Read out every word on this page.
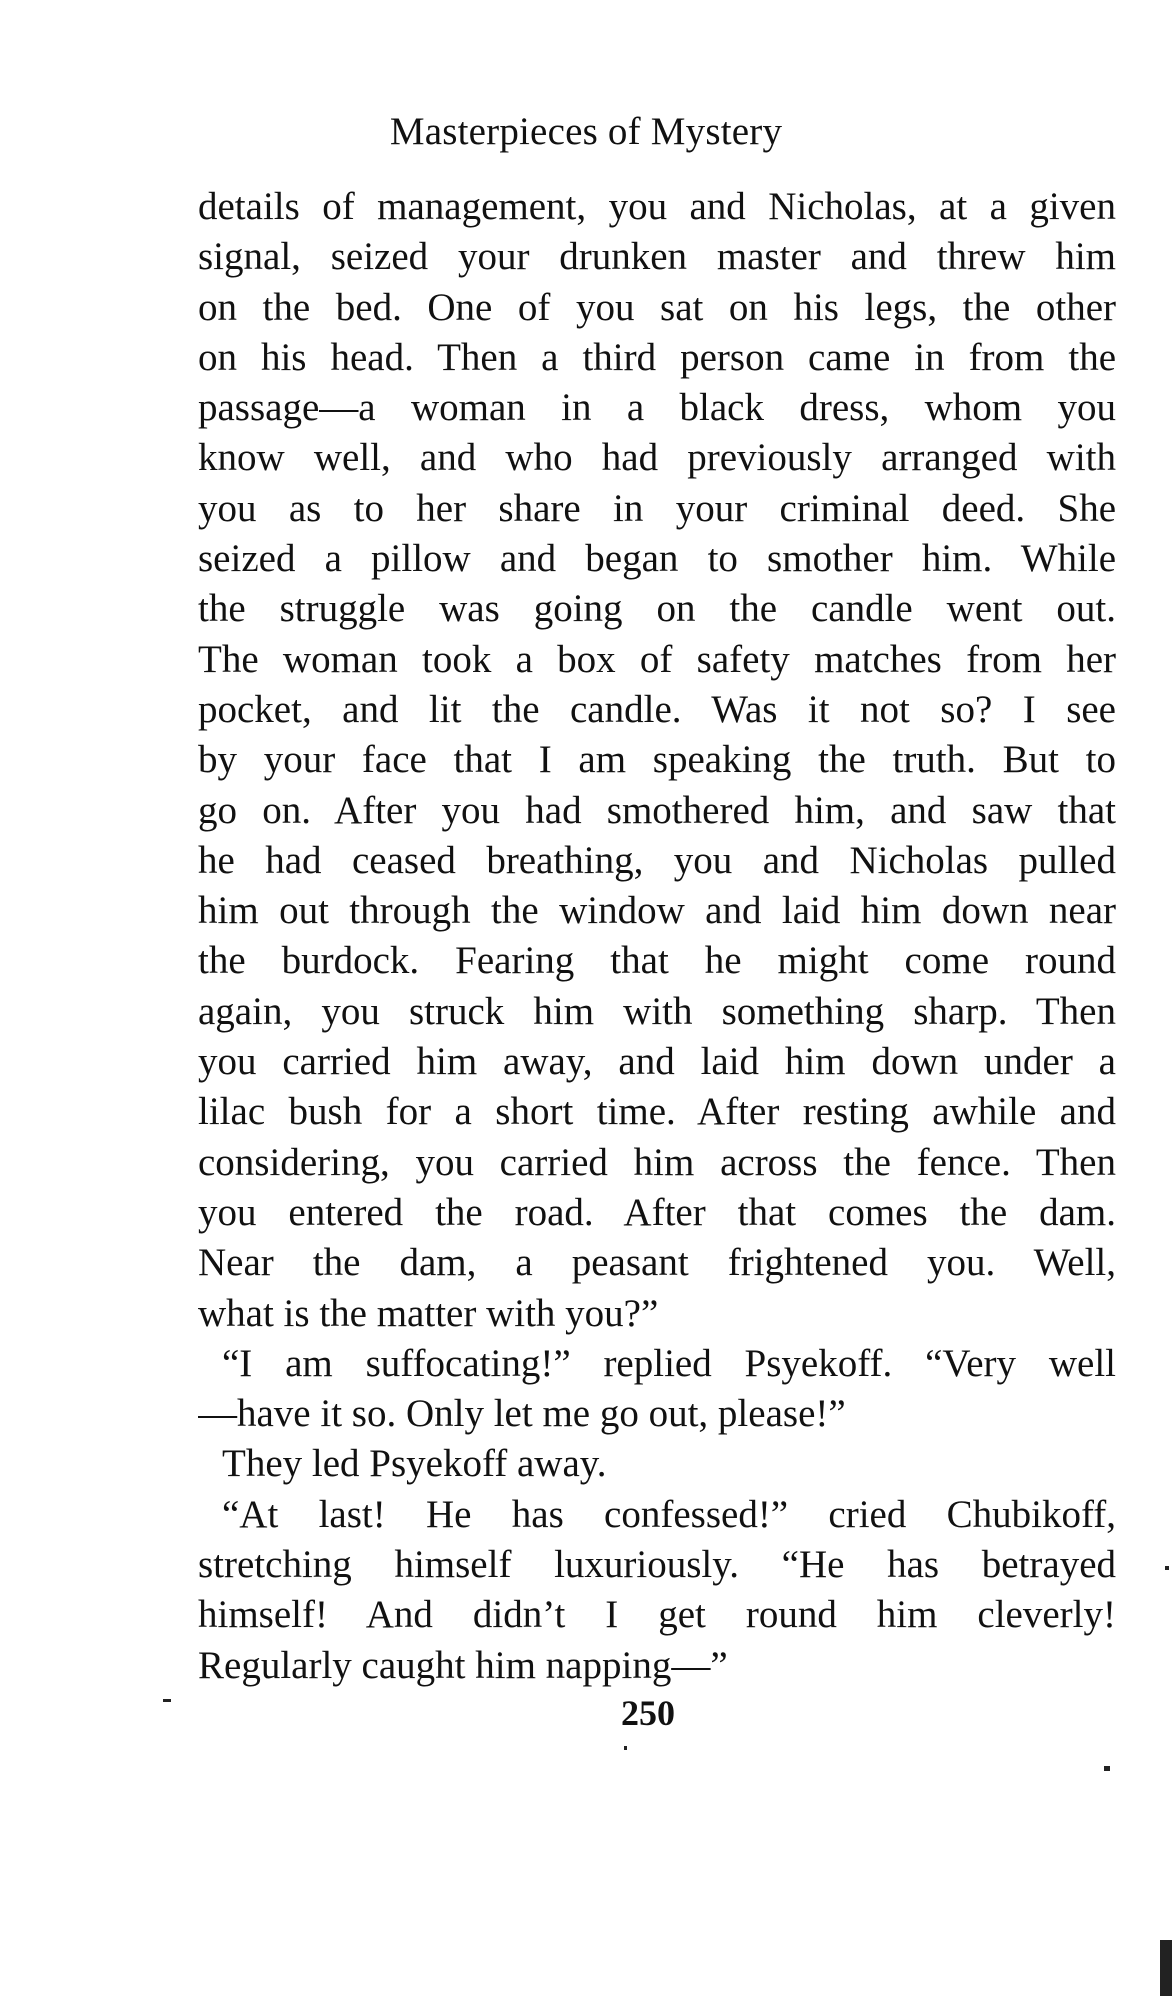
Masterpieces of Mystery
details of management, you and Nicholas, at a given
signal, seized your drunken master and threw him
on the bed. One of you sat on his legs, the other
on his head. Then a third person came in from the
passage—a woman in a black dress, whom you
know well, and who had previously arranged with
you as to her share in your criminal deed. She
seized a pillow and began to smother him. While
the struggle was going on the candle went out.
The woman took a box of safety matches from her
pocket, and lit the candle. Was it not so? I see
by your face that I am speaking the truth. But to
go on. After you had smothered him, and saw that
he had ceased breathing, you and Nicholas pulled
him out through the window and laid him down near
the burdock. Fearing that he might come round
again, you struck him with something sharp. Then
you carried him away, and laid him down under a
lilac bush for a short time. After resting awhile and
considering, you carried him across the fence. Then
you entered the road. After that comes the dam.
Near the dam, a peasant frightened you. Well,
what is the matter with you?”
“I am suffocating!” replied Psyekoff. “Very well
—have it so. Only let me go out, please!”
They led Psyekoff away.
“At last! He has confessed!” cried Chubikoff,
stretching himself luxuriously. “He has betrayed
himself! And didn’t I get round him cleverly!
Regularly caught him napping—”
250
